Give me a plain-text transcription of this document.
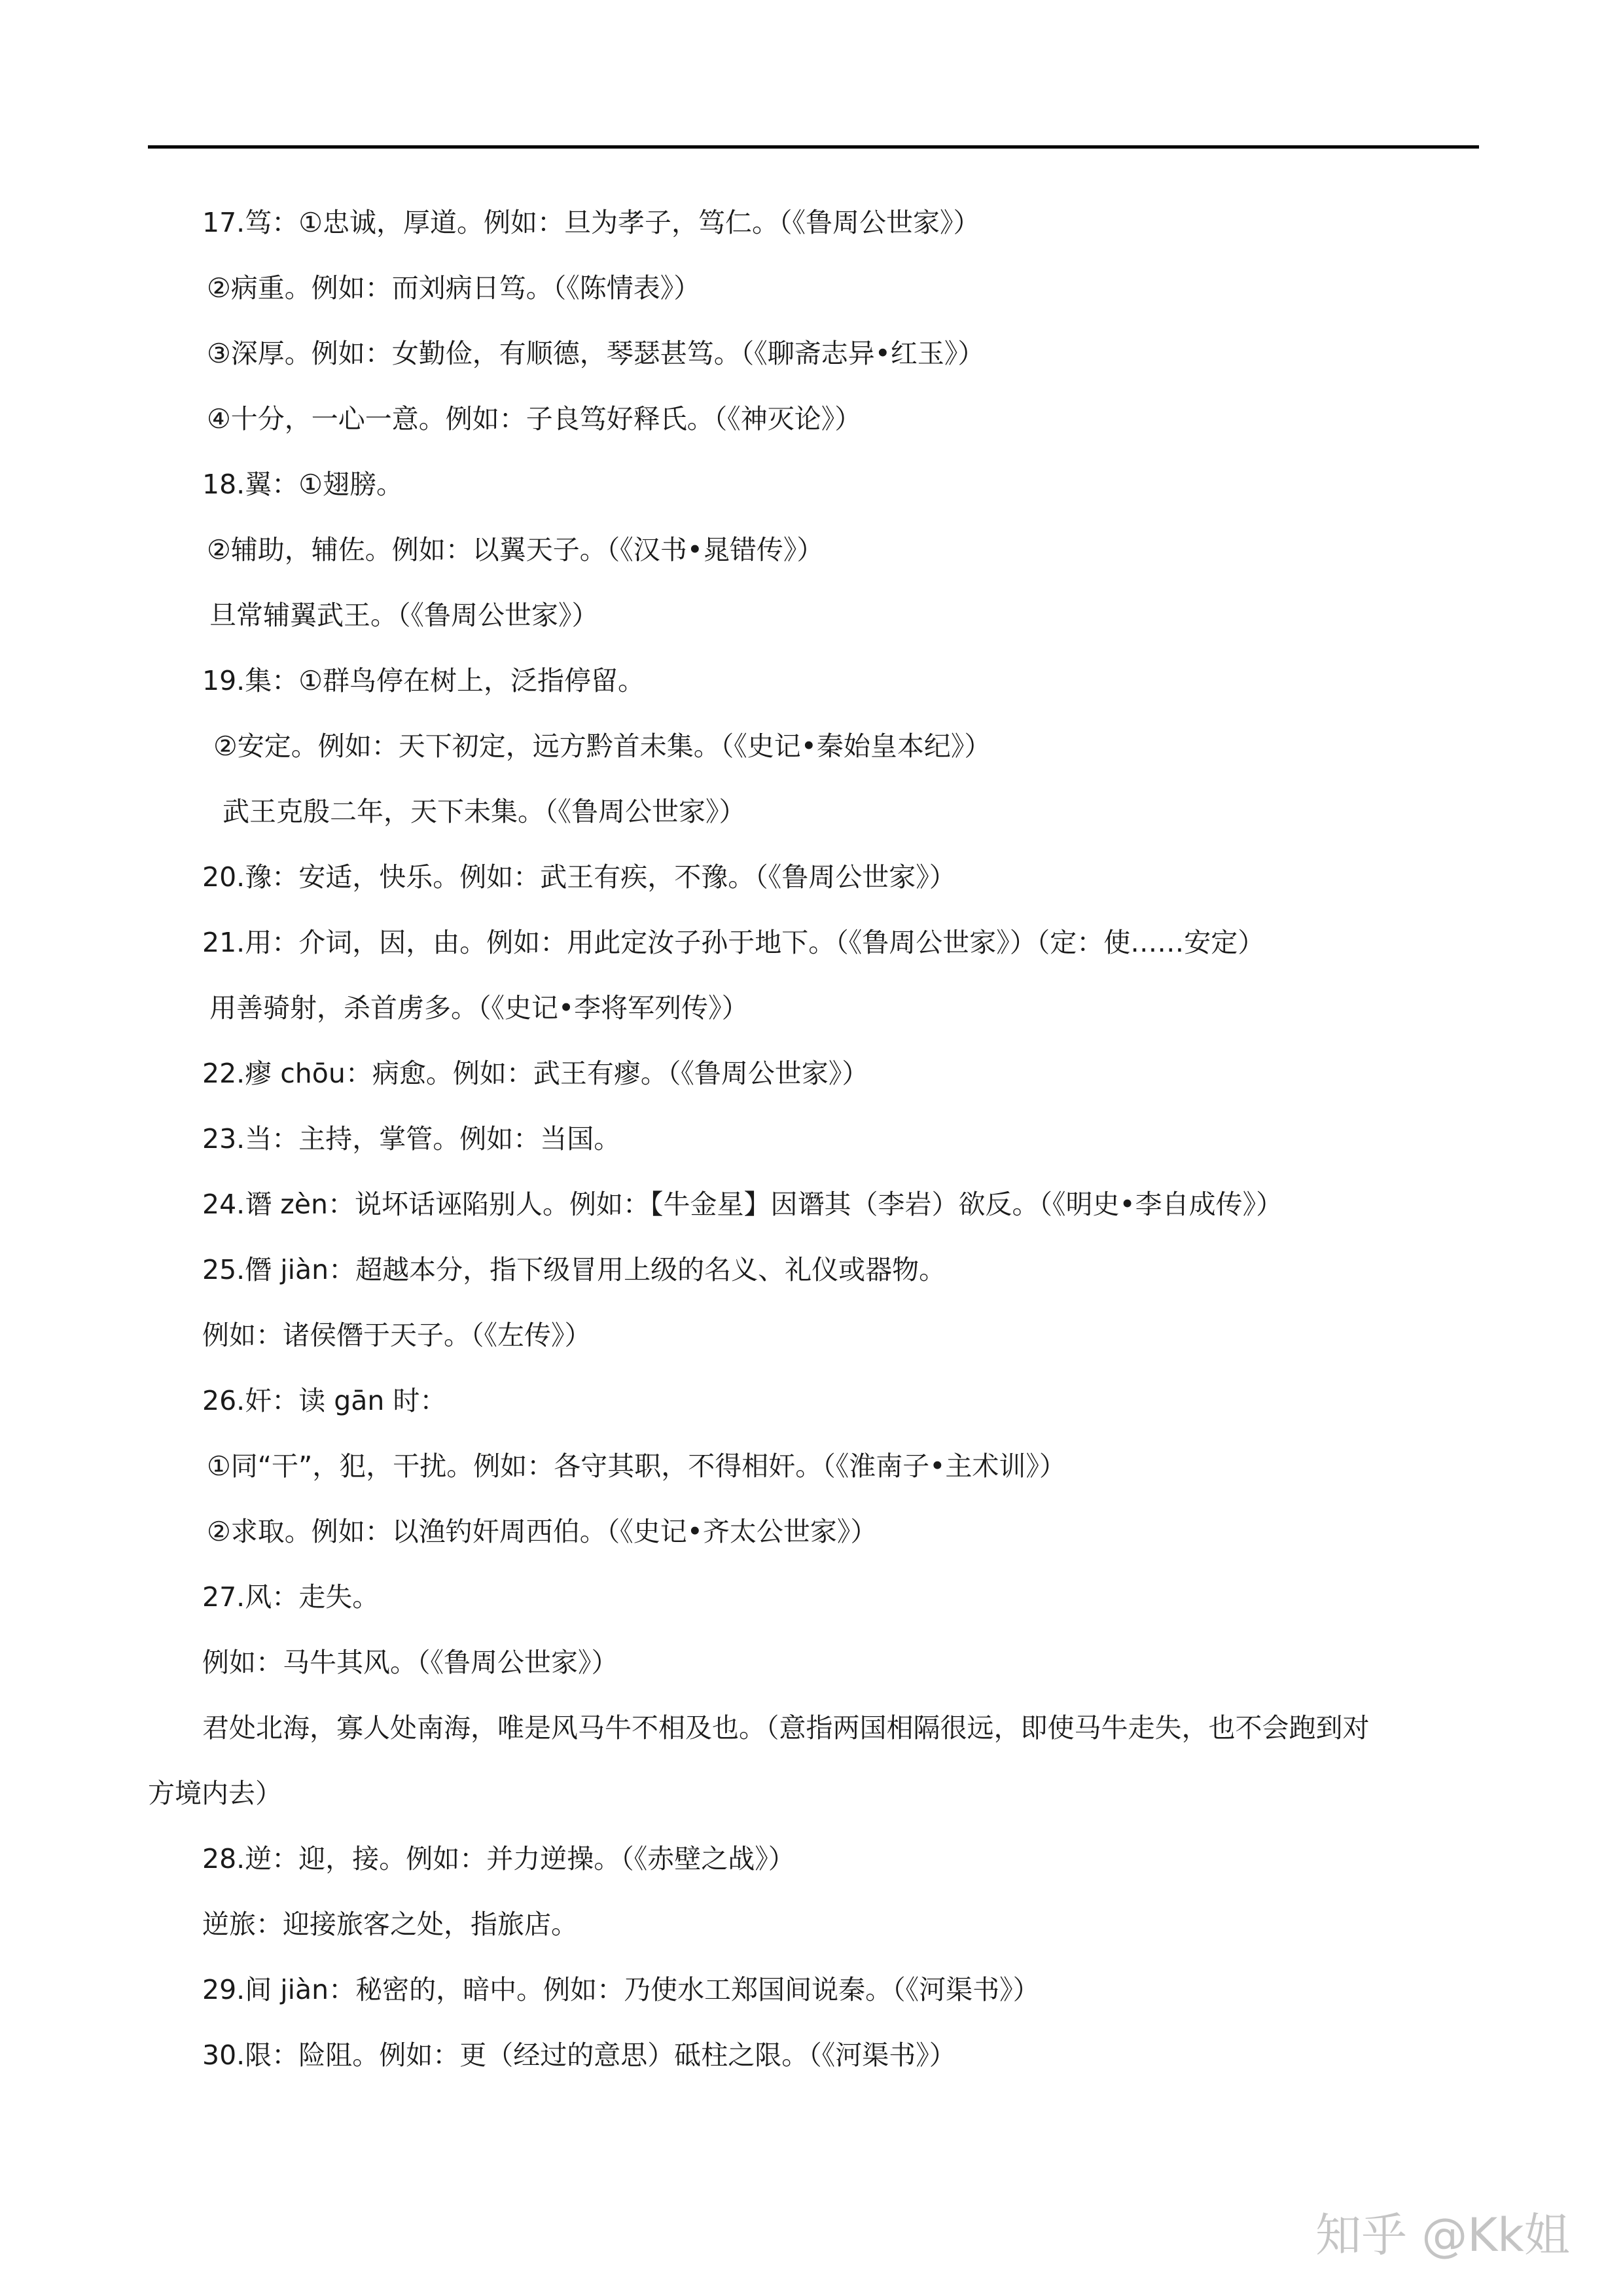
17.笃：①忠诚，厚道。例如：旦为孝子，笃仁。（《鲁周公世家》）
②病重。例如：而刘病日笃。（《陈情表》）
③深厚。例如：女勤俭，有顺德，琴瑟甚笃。（《聊斋志异•红玉》）
④十分，一心一意。例如：子良笃好释氏。（《神灭论》）
18.翼：①翅膀。
②辅助，辅佐。例如：以翼天子。（《汉书•晁错传》）
旦常辅翼武王。（《鲁周公世家》）
19.集：①群鸟停在树上，泛指停留。
②安定。例如：天下初定，远方黔首未集。（《史记•秦始皇本纪》）
武王克殷二年，天下未集。（《鲁周公世家》）
20.豫：安适，快乐。例如：武王有疾，不豫。（《鲁周公世家》）
21.用：介词，因，由。例如：用此定汝子孙于地下。（《鲁周公世家》）（定：使……安定）
用善骑射，杀首虏多。（《史记•李将军列传》）
22.瘳 chōu：病愈。例如：武王有瘳。（《鲁周公世家》）
23.当：主持，掌管。例如：当国。
24.谮 zèn：说坏话诬陷别人。例如：【牛金星】因谮其（李岩）欲反。（《明史•李自成传》）
25.僭 jiàn：超越本分，指下级冒用上级的名义、礼仪或器物。
例如：诸侯僭于天子。（《左传》）
26.奸：读 gān 时：
①同“干”，犯，干扰。例如：各守其职，不得相奸。（《淮南子•主术训》）
②求取。例如：以渔钓奸周西伯。（《史记•齐太公世家》）
27.风：走失。
例如：马牛其风。（《鲁周公世家》）
君处北海，寡人处南海，唯是风马牛不相及也。（意指两国相隔很远，即使马牛走失，也不会跑到对
方境内去）
28.逆：迎，接。例如：并力逆操。（《赤壁之战》）
逆旅：迎接旅客之处，指旅店。
29.间 jiàn：秘密的，暗中。例如：乃使水工郑国间说秦。（《河渠书》）
30.限：险阻。例如：更（经过的意思）砥柱之限。（《河渠书》）
知乎 @Kk姐
